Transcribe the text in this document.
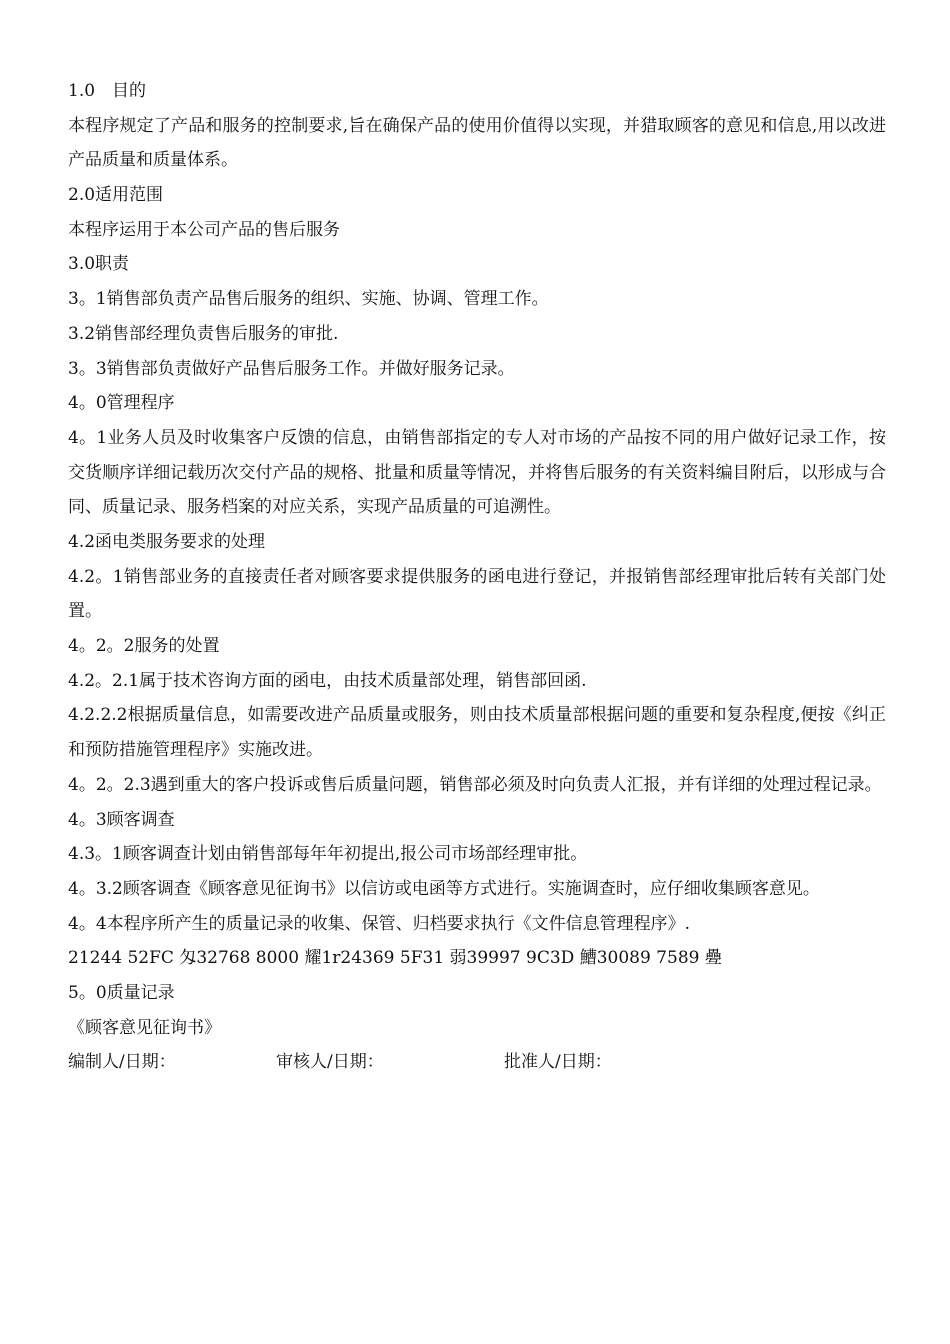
1.0　目的
本程序规定了产品和服务的控制要求,旨在确保产品的使用价值得以实现，并猎取顾客的意见和信息,用以改进产品质量和质量体系。
2.0适用范围
本程序运用于本公司产品的售后服务
3.0职责
3。1销售部负责产品售后服务的组织、实施、协调、管理工作。
3.2销售部经理负责售后服务的审批.
3。3销售部负责做好产品售后服务工作。并做好服务记录。
4。0管理程序
4。1业务人员及时收集客户反馈的信息，由销售部指定的专人对市场的产品按不同的用户做好记录工作，按交货顺序详细记载历次交付产品的规格、批量和质量等情况，并将售后服务的有关资料编目附后，以形成与合同、质量记录、服务档案的对应关系，实现产品质量的可追溯性。
4.2函电类服务要求的处理
4.2。1销售部业务的直接责任者对顾客要求提供服务的函电进行登记，并报销售部经理审批后转有关部门处置。
4。2。2服务的处置
4.2。2.1属于技术咨询方面的函电，由技术质量部处理，销售部回函.
4.2.2.2根据质量信息，如需要改进产品质量或服务，则由技术质量部根据问题的重要和复杂程度,便按《纠正和预防措施管理程序》实施改进。
4。2。2.3遇到重大的客户投诉或售后质量问题，销售部必须及时向负责人汇报，并有详细的处理过程记录。
4。3顾客调查
4.3。1顾客调查计划由销售部每年年初提出,报公司市场部经理审批。
4。3.2顾客调查《顾客意见征询书》以信访或电函等方式进行。实施调查时，应仔细收集顾客意见。
4。4本程序所产生的质量记录的收集、保管、归档要求执行《文件信息管理程序》.
21244 52FC 匁32768 8000 耀1r24369 5F31 弱39997 9C3D 鰽30089 7589 疉
5。0质量记录
《顾客意见征询书》
编制人/日期：	审核人/日期：	批准人/日期：
